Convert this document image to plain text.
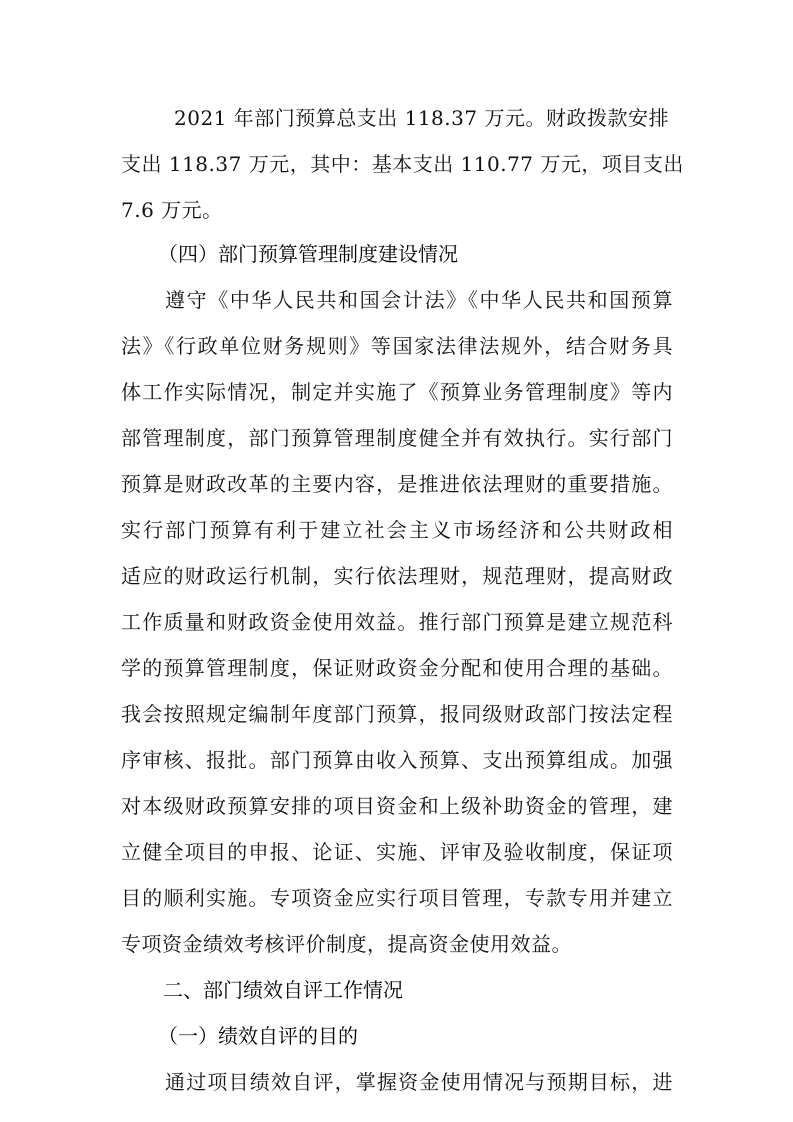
2021 年部门预算总支出 118.37 万元。财政拨款安排
支出 118.37 万元，其中：基本支出 110.77 万元，项目支出
7.6 万元。
（四）部门预算管理制度建设情况
遵守《中华人民共和国会计法》《中华人民共和国预算
法》《行政单位财务规则》等国家法律法规外，结合财务具
体工作实际情况，制定并实施了《预算业务管理制度》等内
部管理制度，部门预算管理制度健全并有效执行。实行部门
预算是财政改革的主要内容，是推进依法理财的重要措施。
实行部门预算有利于建立社会主义市场经济和公共财政相
适应的财政运行机制，实行依法理财，规范理财，提高财政
工作质量和财政资金使用效益。推行部门预算是建立规范科
学的预算管理制度，保证财政资金分配和使用合理的基础。
我会按照规定编制年度部门预算，报同级财政部门按法定程
序审核、报批。部门预算由收入预算、支出预算组成。加强
对本级财政预算安排的项目资金和上级补助资金的管理，建
立健全项目的申报、论证、实施、评审及验收制度，保证项
目的顺利实施。专项资金应实行项目管理，专款专用并建立
专项资金绩效考核评价制度，提高资金使用效益。
二、部门绩效自评工作情况
（一）绩效自评的目的
通过项目绩效自评，掌握资金使用情况与预期目标，进
